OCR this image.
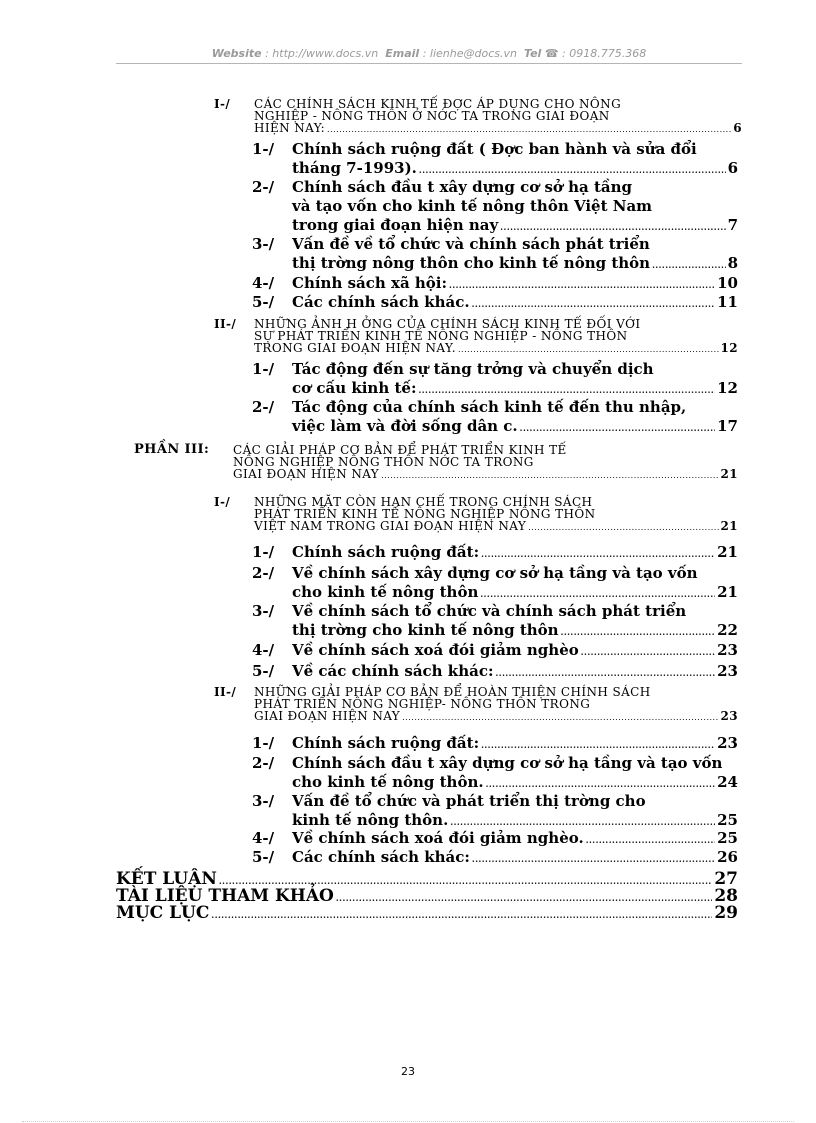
Website : http://www.docs.vn Email : lienhe@docs.vn Tel ☎ : 0918.775.368
I-/ CÁC CHÍNH SÁCH KINH TẾ ĐỢC ÁP DỤNG CHO NÔNG
NGHIỆP - NÔNG THÔN Ở NỚC TA TRONG GIAI ĐOẠN
HIỆN NAY: .....	6
1-/ Chính sách ruộng đất ( Đợc ban hành và sửa đổi
tháng 7-1993). .....	6
2-/ Chính sách đầu t xây dựng cơ sở hạ tầng
và tạo vốn cho kinh tế nông thôn Việt Nam
trong giai đoạn hiện nay .....	7
3-/ Vấn đề về tổ chức và chính sách phát triển
thị trờng nông thôn cho kinh tế nông thôn .....	8
4-/ Chính sách xã hội: .....	10
5-/ Các chính sách khác. .....	11
II-/ NHỮNG ẢNH H ỞNG CỦA CHÍNH SÁCH KINH TẾ ĐỐI VỚI
SỰ PHÁT TRIỂN KINH TẾ NÔNG NGHIỆP - NÔNG THÔN
TRONG GIAI ĐOẠN HIỆN NAY. .....	12
1-/ Tác động đến sự tăng trởng và chuyển dịch
cơ cấu kinh tế: .....	12
2-/ Tác động của chính sách kinh tế đến thu nhập,
việc làm và đời sống dân c. .....	17
PHẦN III: CÁC GIẢI PHÁP CƠ BẢN ĐỂ PHÁT TRIỂN KINH TẾ
NÔNG NGHIỆP NÔNG THÔN NỚC TA TRONG
GIAI ĐOẠN HIỆN NAY .....	21
I-/ NHỮNG MẶT CÒN HẠN CHẾ TRONG CHÍNH SÁCH
PHÁT TRIỂN KINH TẾ NÔNG NGHIỆP NÔNG THÔN
VIỆT NAM TRONG GIAI ĐOẠN HIỆN NAY .....	21
1-/ Chính sách ruộng đất: .....	21
2-/ Về chính sách xây dựng cơ sở hạ tầng và tạo vốn
cho kinh tế nông thôn .....	21
3-/ Về chính sách tổ chức và chính sách phát triển
thị trờng cho kinh tế nông thôn .....	22
4-/ Về chính sách xoá đói giảm nghèo .....	23
5-/ Về các chính sách khác: .....	23
II-/ NHỮNG GIẢI PHÁP CƠ BẢN ĐỂ HOÀN THIỆN CHÍNH SÁCH
PHÁT TRIỂN NÔNG NGHIỆP- NÔNG THÔN TRONG
GIAI ĐOẠN HIỆN NAY .....	23
1-/ Chính sách ruộng đất: .....	23
2-/ Chính sách đầu t xây dựng cơ sở hạ tầng và tạo vốn
cho kinh tế nông thôn. .....	24
3-/ Vấn đề tổ chức và phát triển thị trờng cho
kinh tế nông thôn. .....	25
4-/ Về chính sách xoá đói giảm nghèo. .....	25
5-/ Các chính sách khác: .....	26
KẾT LUẬN .....	27
TÀI LIỆU THAM KHẢO .....	28
MỤC LỤC .....	29
23
